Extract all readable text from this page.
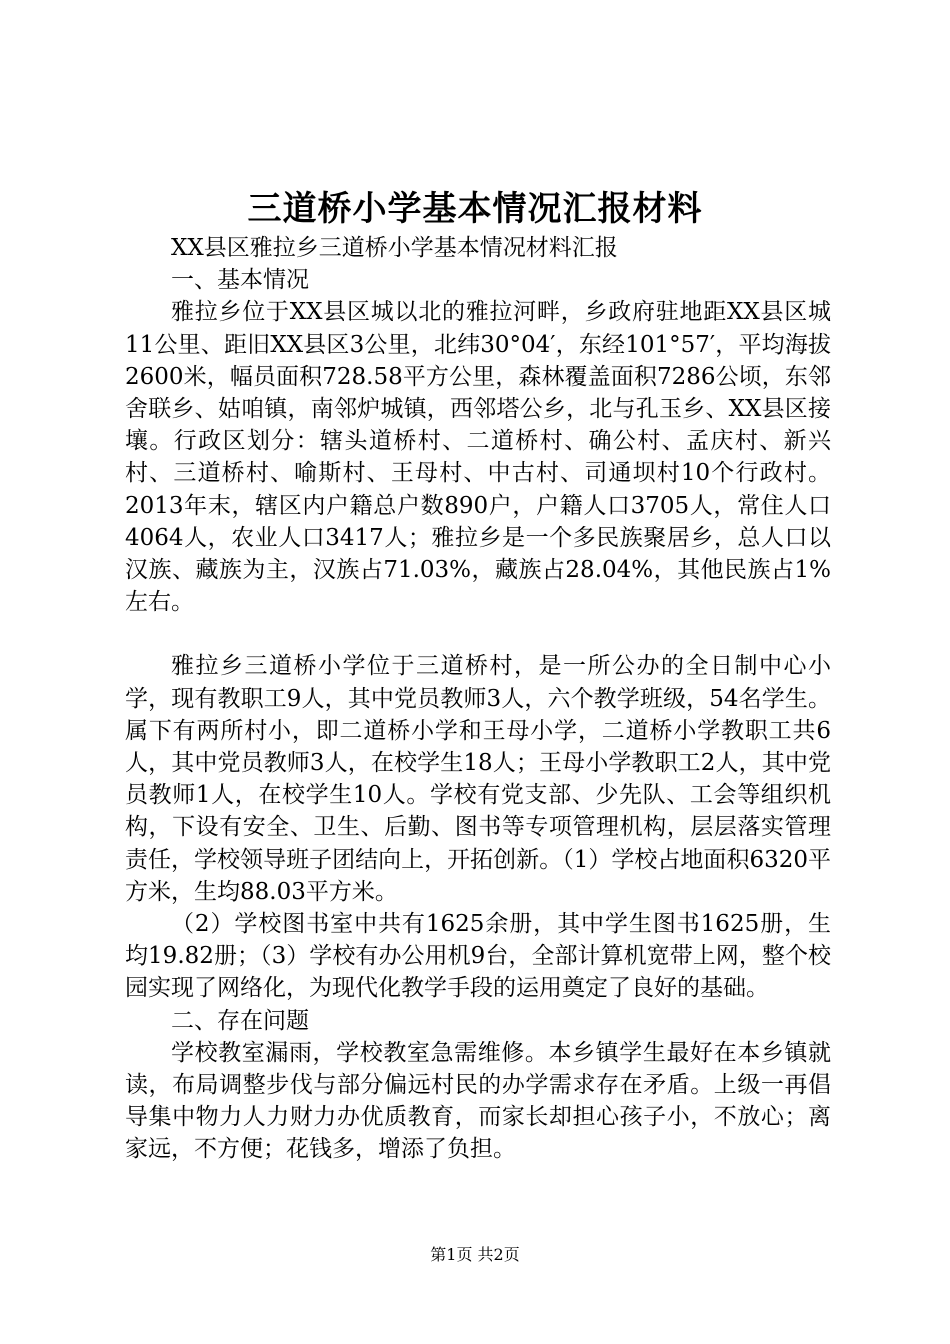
三道桥小学基本情况汇报材料

XX县区雅拉乡三道桥小学基本情况材料汇报

一、基本情况

雅拉乡位于XX县区城以北的雅拉河畔，乡政府驻地距XX县区城11公里、距旧XX县区3公里，北纬30°04′，东经101°57′，平均海拔2600米，幅员面积728.58平方公里，森林覆盖面积7286公顷，东邻舍联乡、姑咱镇，南邻炉城镇，西邻塔公乡，北与孔玉乡、XX县区接壤。行政区划分：辖头道桥村、二道桥村、确公村、孟庆村、新兴村、三道桥村、喻斯村、王母村、中古村、司通坝村10个行政村。2013年末，辖区内户籍总户数890户，户籍人口3705人，常住人口4064人，农业人口3417人；雅拉乡是一个多民族聚居乡，总人口以汉族、藏族为主，汉族占71.03%，藏族占28.04%，其他民族占1%左右。

雅拉乡三道桥小学位于三道桥村，是一所公办的全日制中心小学，现有教职工9人，其中党员教师3人，六个教学班级，54名学生。属下有两所村小，即二道桥小学和王母小学，二道桥小学教职工共6人，其中党员教师3人，在校学生18人；王母小学教职工2人，其中党员教师1人，在校学生10人。学校有党支部、少先队、工会等组织机构，下设有安全、卫生、后勤、图书等专项管理机构，层层落实管理责任，学校领导班子团结向上，开拓创新。（1）学校占地面积6320平方米，生均88.03平方米。

（2）学校图书室中共有1625余册，其中学生图书1625册，生均19.82册；（3）学校有办公用机9台，全部计算机宽带上网，整个校园实现了网络化，为现代化教学手段的运用奠定了良好的基础。

二、存在问题

学校教室漏雨，学校教室急需维修。本乡镇学生最好在本乡镇就读，布局调整步伐与部分偏远村民的办学需求存在矛盾。上级一再倡导集中物力人力财力办优质教育，而家长却担心孩子小，不放心；离家远，不方便；花钱多，增添了负担。

第1页 共2页
